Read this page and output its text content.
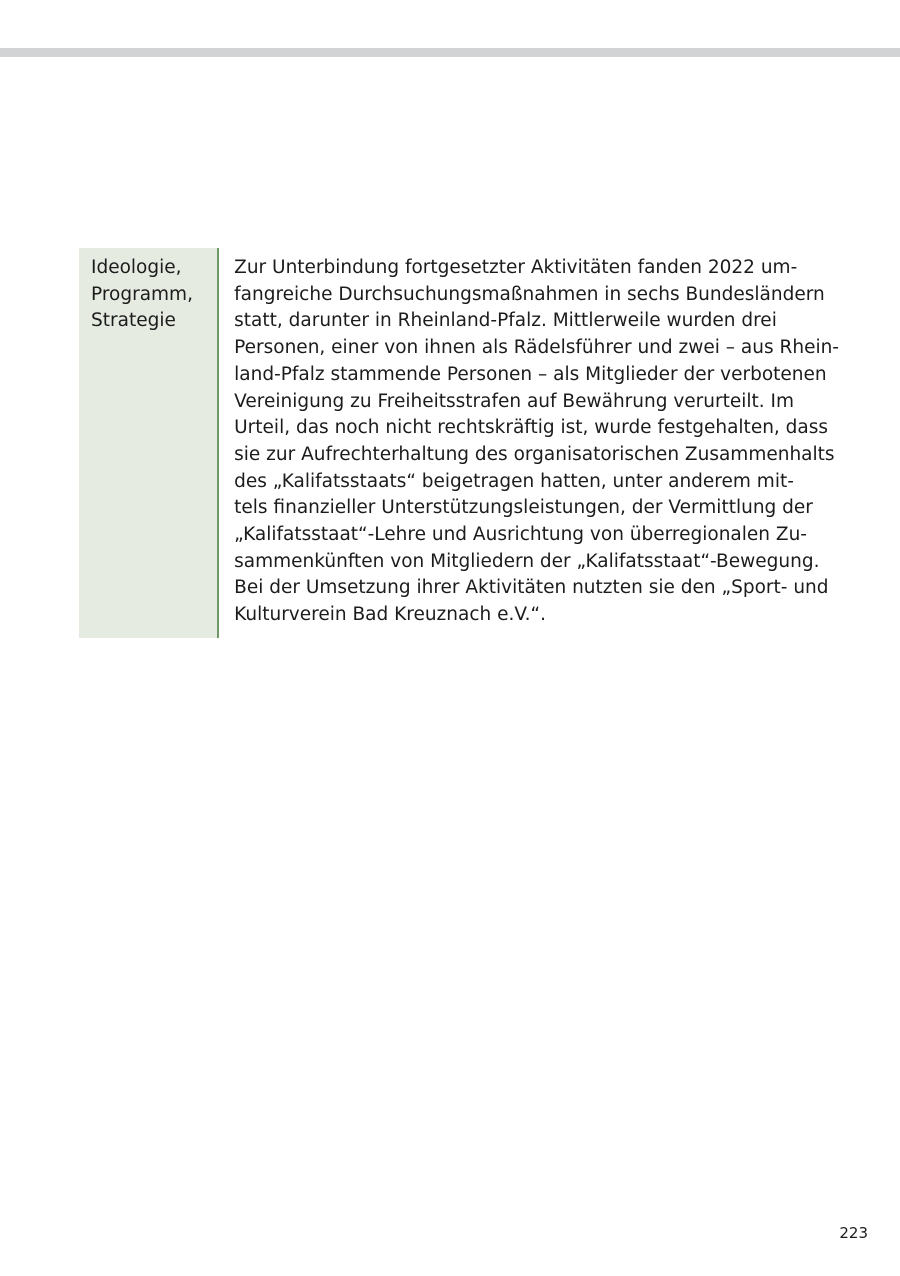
Ideologie,
Programm,
Strategie
Zur Unterbindung fortgesetzter Aktivitäten fanden 2022 um-
fangreiche Durchsuchungsmaßnahmen in sechs Bundesländern
statt, darunter in Rheinland-Pfalz. Mittlerweile wurden drei
Personen, einer von ihnen als Rädelsführer und zwei – aus Rhein-
land-Pfalz stammende Personen – als Mitglieder der verbotenen
Vereinigung zu Freiheitsstrafen auf Bewährung verurteilt. Im
Urteil, das noch nicht rechtskräftig ist, wurde festgehalten, dass
sie zur Aufrechterhaltung des organisatorischen Zusammenhalts
des „Kalifatsstaats“ beigetragen hatten, unter anderem mit-
tels finanzieller Unterstützungsleistungen, der Vermittlung der
„Kalifatsstaat“-Lehre und Ausrichtung von überregionalen Zu-
sammenkünften von Mitgliedern der „Kalifatsstaat“-Bewegung.
Bei der Umsetzung ihrer Aktivitäten nutzten sie den „Sport- und
Kulturverein Bad Kreuznach e.V.“.
223
